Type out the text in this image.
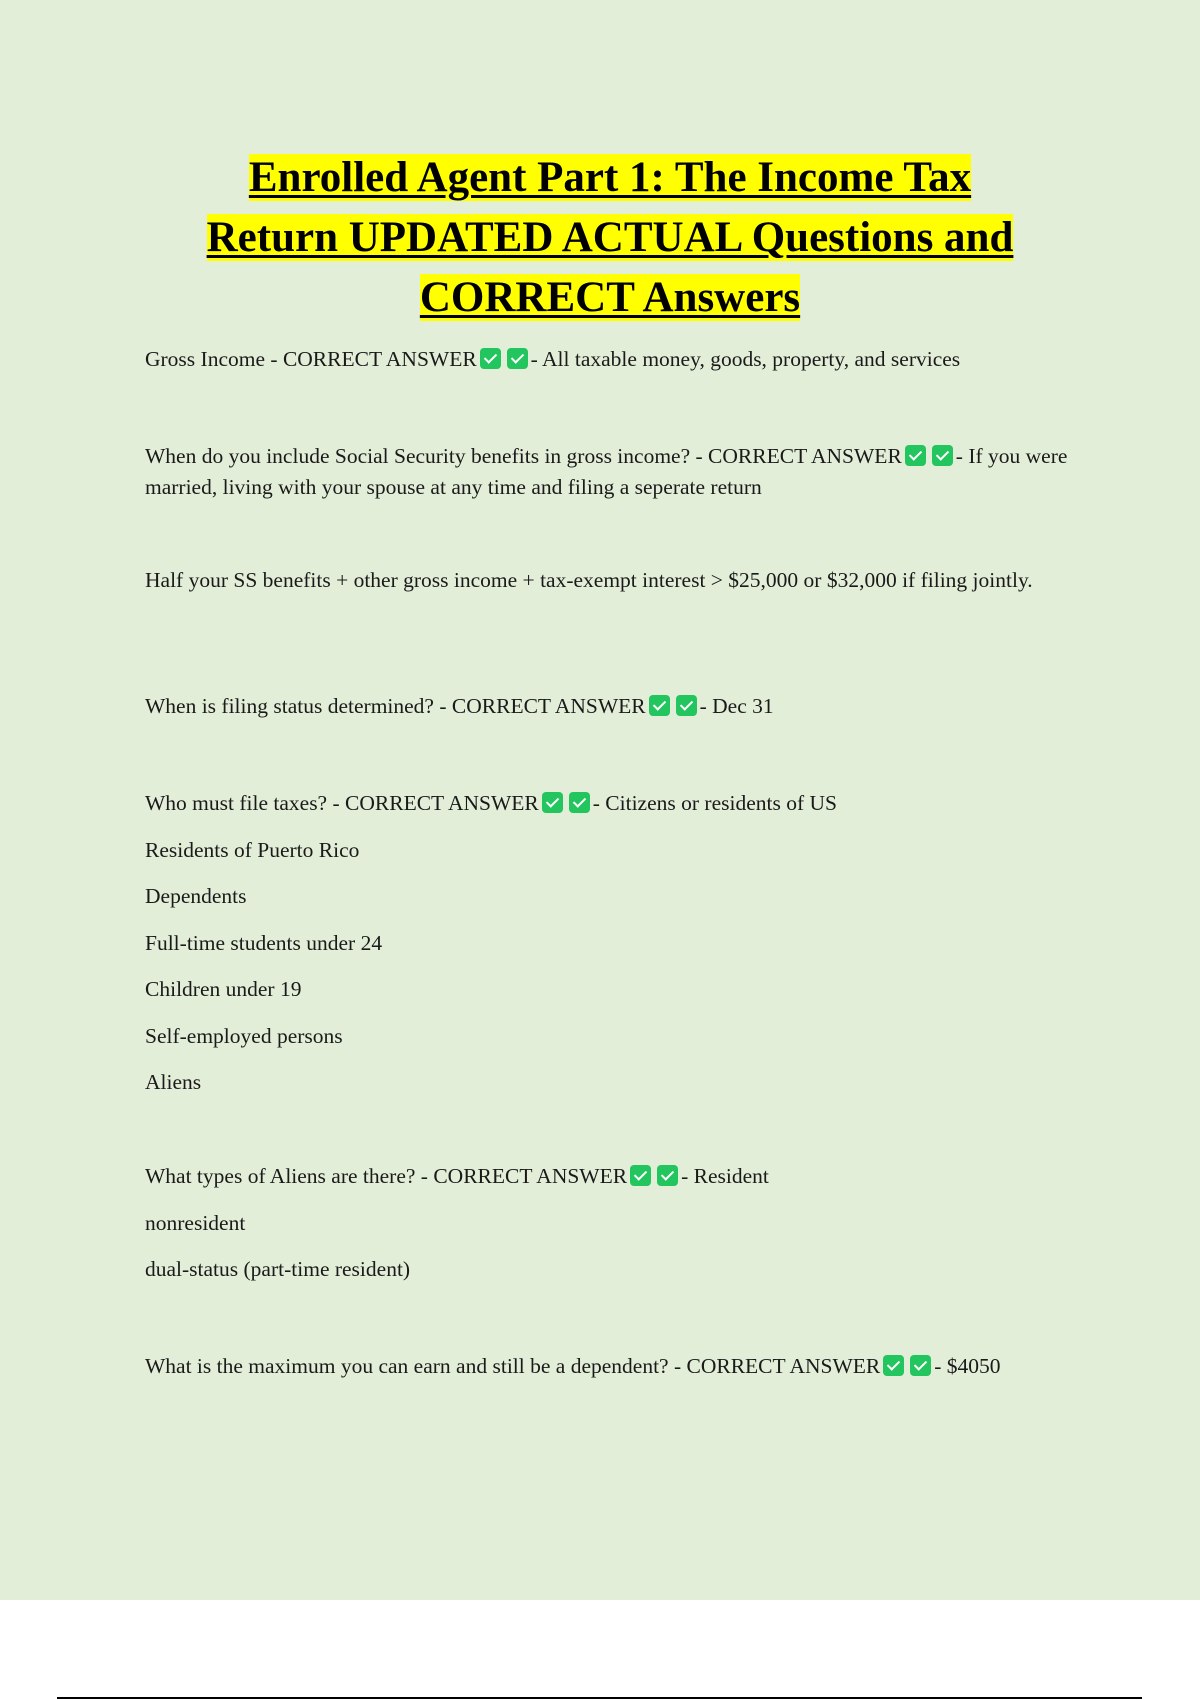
Enrolled Agent Part 1: The Income Tax
Return UPDATED ACTUAL Questions and
CORRECT Answers
Gross Income - CORRECT ANSWER	- All taxable money, goods, property, and services
When do you include Social Security benefits in gross income? - CORRECT ANSWER	- If you were married, living with your spouse at any time and filing a seperate return
Half your SS benefits + other gross income + tax-exempt interest > $25,000 or $32,000 if filing jointly.
When is filing status determined? - CORRECT ANSWER	- Dec 31
Who must file taxes? - CORRECT ANSWER	- Citizens or residents of US
Residents of Puerto Rico
Dependents
Full-time students under 24
Children under 19
Self-employed persons
Aliens
What types of Aliens are there? - CORRECT ANSWER	- Resident
nonresident
dual-status (part-time resident)
What is the maximum you can earn and still be a dependent? - CORRECT ANSWER	- $4050
